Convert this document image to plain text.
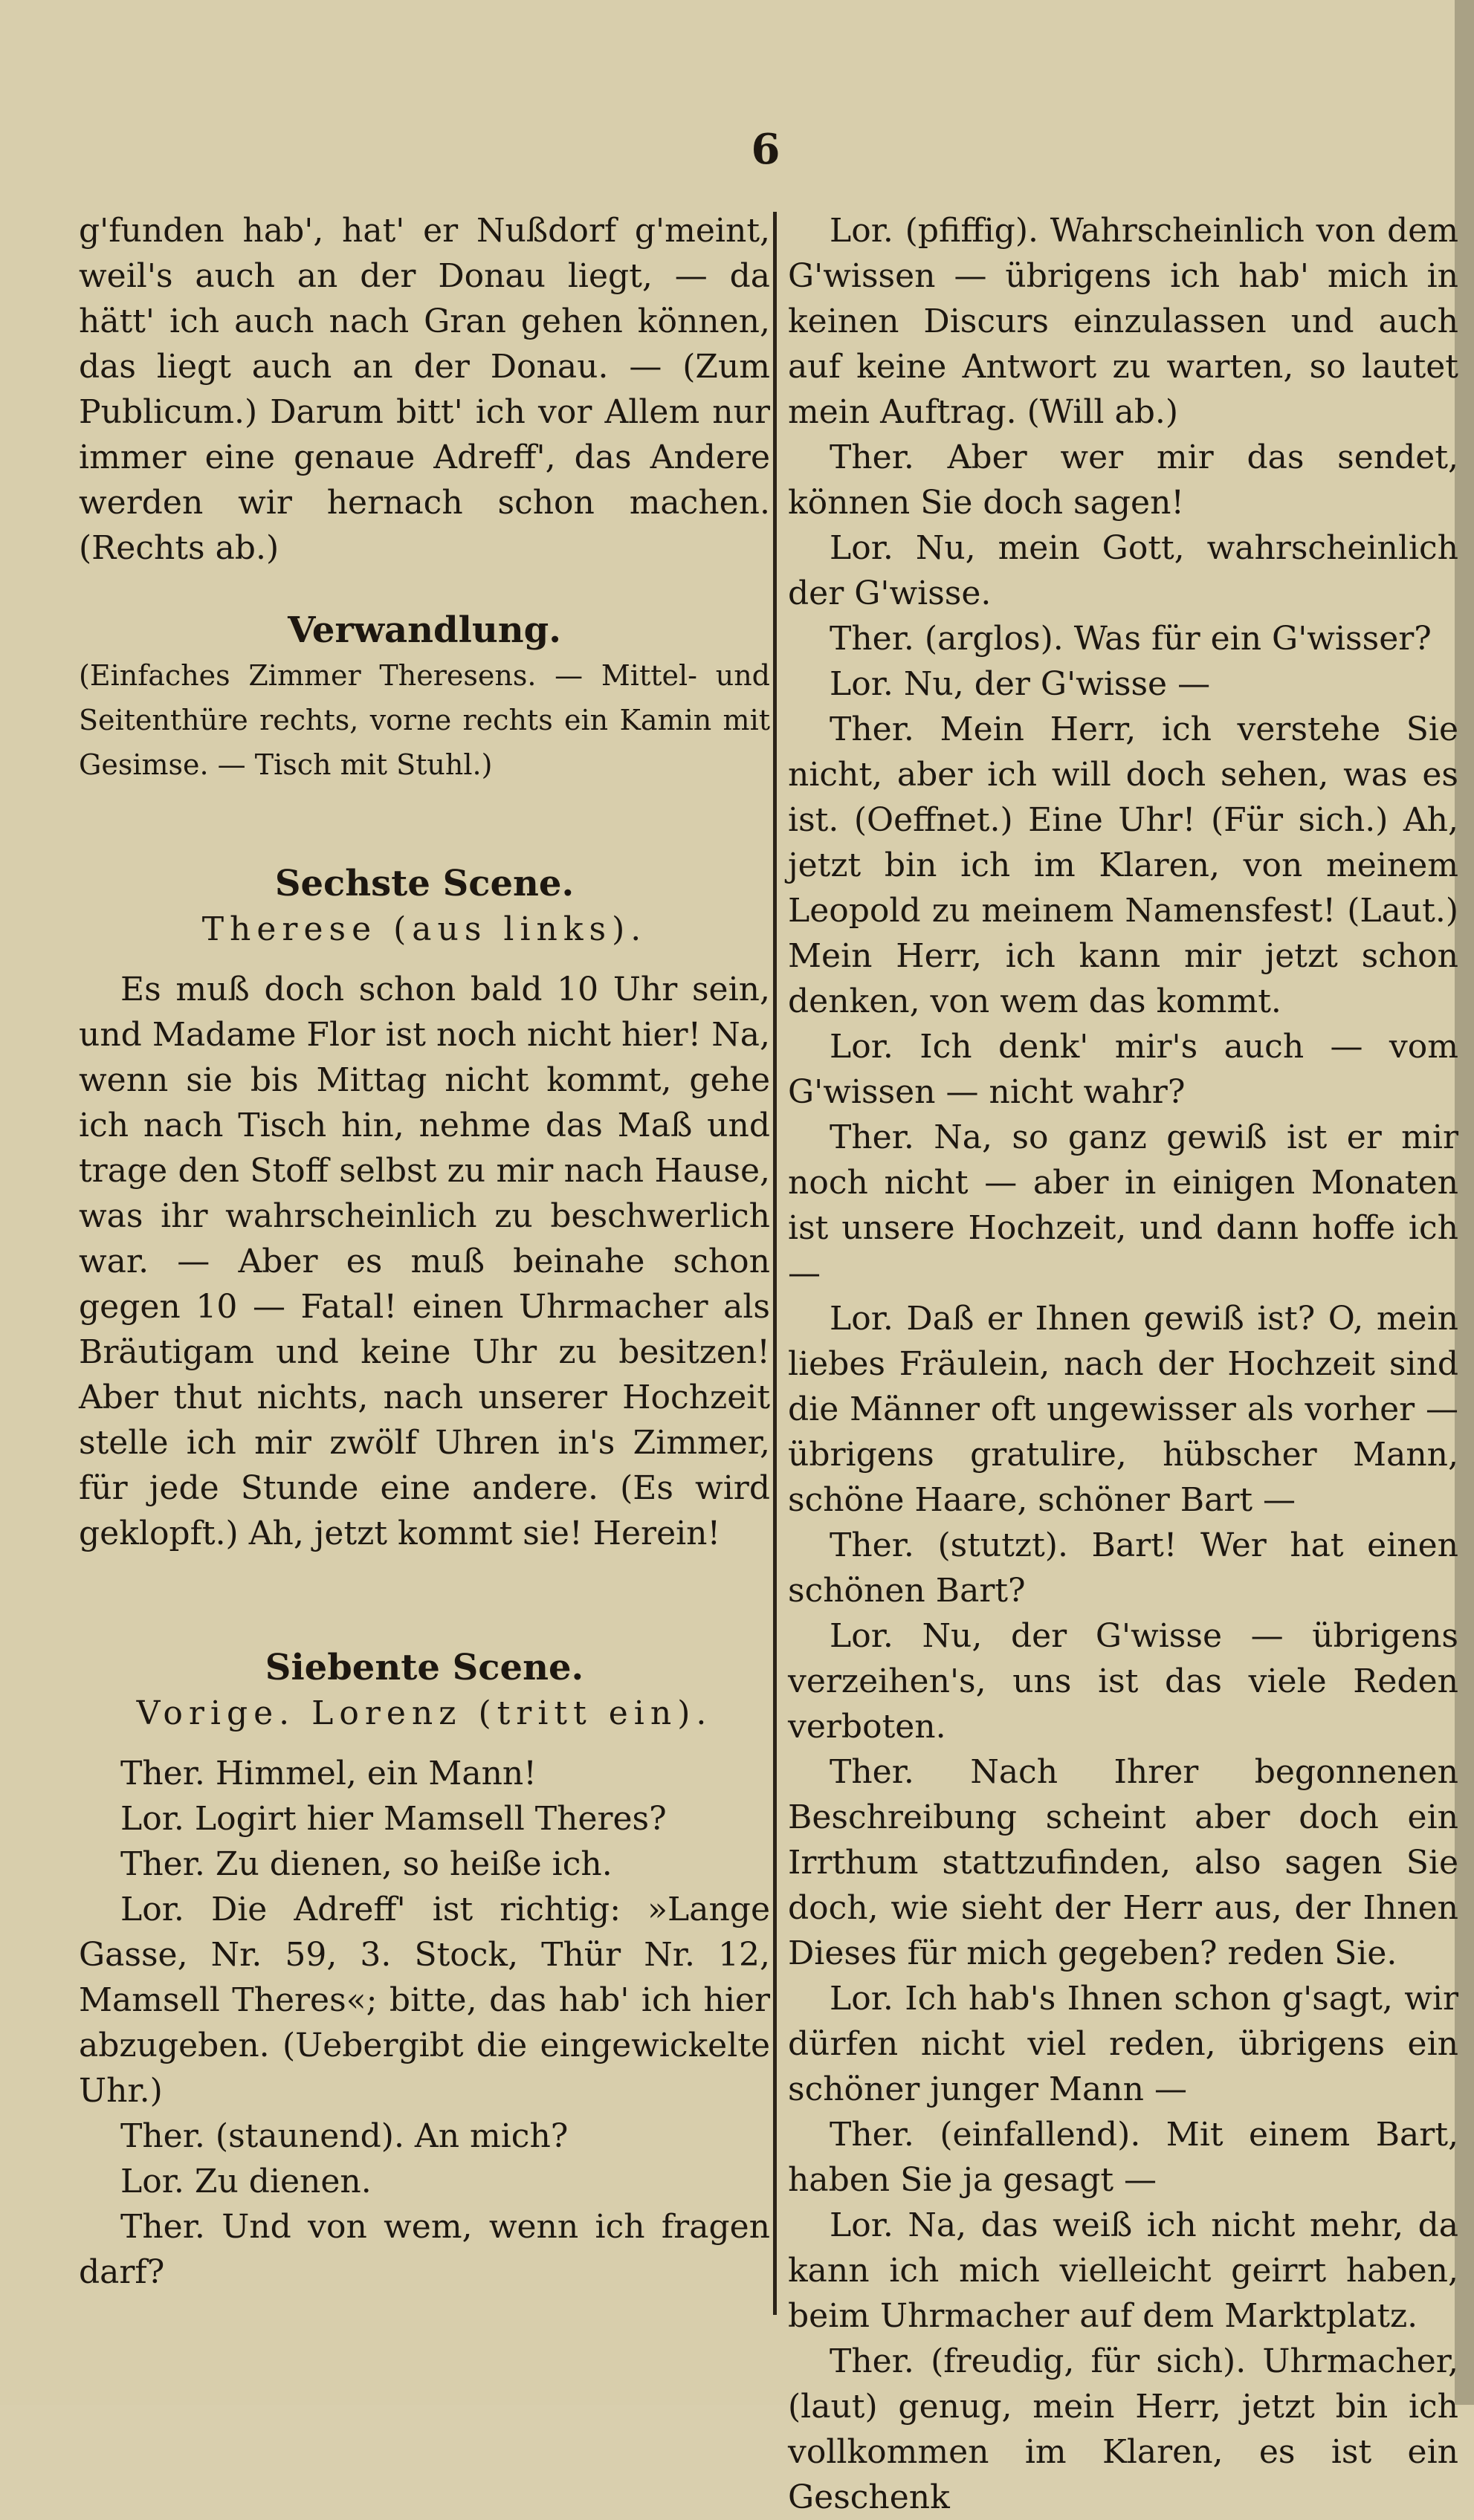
6

g'funden hab', hat' er Nußdorf g'meint, weil's auch an der Donau liegt, — da hätt' ich auch nach Gran gehen können, das liegt auch an der Donau. — (Zum Publicum.) Darum bitt' ich vor Allem nur immer eine genaue Adreff', das Andere werden wir hernach schon machen. (Rechts ab.)

Verwandlung.

(Einfaches Zimmer Theresens. — Mittel- und Seitenthüre rechts, vorne rechts ein Kamin mit Gesimse. — Tisch mit Stuhl.)

Sechste Scene.

Therese (aus links).

Es muß doch schon bald 10 Uhr sein, und Madame Flor ist noch nicht hier! Na, wenn sie bis Mittag nicht kommt, gehe ich nach Tisch hin, nehme das Maß und trage den Stoff selbst zu mir nach Hause, was ihr wahrscheinlich zu beschwerlich war. — Aber es muß beinahe schon gegen 10 — Fatal! einen Uhrmacher als Bräutigam und keine Uhr zu besitzen! Aber thut nichts, nach unserer Hochzeit stelle ich mir zwölf Uhren in's Zimmer, für jede Stunde eine andere. (Es wird geklopft.) Ah, jetzt kommt sie! Herein!

Siebente Scene.

Vorige. Lorenz (tritt ein).

Ther. Himmel, ein Mann!

Lor. Logirt hier Mamsell Theres?

Ther. Zu dienen, so heiße ich.

Lor. Die Adreff' ist richtig: »Lange Gasse, Nr. 59, 3. Stock, Thür Nr. 12, Mamsell Theres«; bitte, das hab' ich hier abzugeben. (Uebergibt die eingewickelte Uhr.)

Ther. (staunend). An mich?

Lor. Zu dienen.

Ther. Und von wem, wenn ich fragen darf?

Lor. (pfiffig). Wahrscheinlich von dem G'wissen — übrigens ich hab' mich in keinen Discurs einzulassen und auch auf keine Antwort zu warten, so lautet mein Auftrag. (Will ab.)

Ther. Aber wer mir das sendet, können Sie doch sagen!

Lor. Nu, mein Gott, wahrscheinlich der G'wisse.

Ther. (arglos). Was für ein G'wisser?

Lor. Nu, der G'wisse —

Ther. Mein Herr, ich verstehe Sie nicht, aber ich will doch sehen, was es ist. (Oeffnet.) Eine Uhr! (Für sich.) Ah, jetzt bin ich im Klaren, von meinem Leopold zu meinem Namensfest! (Laut.) Mein Herr, ich kann mir jetzt schon denken, von wem das kommt.

Lor. Ich denk' mir's auch — vom G'wissen — nicht wahr?

Ther. Na, so ganz gewiß ist er mir noch nicht — aber in einigen Monaten ist unsere Hochzeit, und dann hoffe ich —

Lor. Daß er Ihnen gewiß ist? O, mein liebes Fräulein, nach der Hochzeit sind die Männer oft ungewisser als vorher — übrigens gratulire, hübscher Mann, schöne Haare, schöner Bart —

Ther. (stutzt). Bart! Wer hat einen schönen Bart?

Lor. Nu, der G'wisse — übrigens verzeihen's, uns ist das viele Reden verboten.

Ther. Nach Ihrer begonnenen Beschreibung scheint aber doch ein Irrthum stattzufinden, also sagen Sie doch, wie sieht der Herr aus, der Ihnen Dieses für mich gegeben? reden Sie.

Lor. Ich hab's Ihnen schon g'sagt, wir dürfen nicht viel reden, übrigens ein schöner junger Mann —

Ther. (einfallend). Mit einem Bart, haben Sie ja gesagt —

Lor. Na, das weiß ich nicht mehr, da kann ich mich vielleicht geirrt haben, beim Uhrmacher auf dem Marktplatz.

Ther. (freudig, für sich). Uhrmacher, (laut) genug, mein Herr, jetzt bin ich vollkommen im Klaren, es ist ein Geschenk
